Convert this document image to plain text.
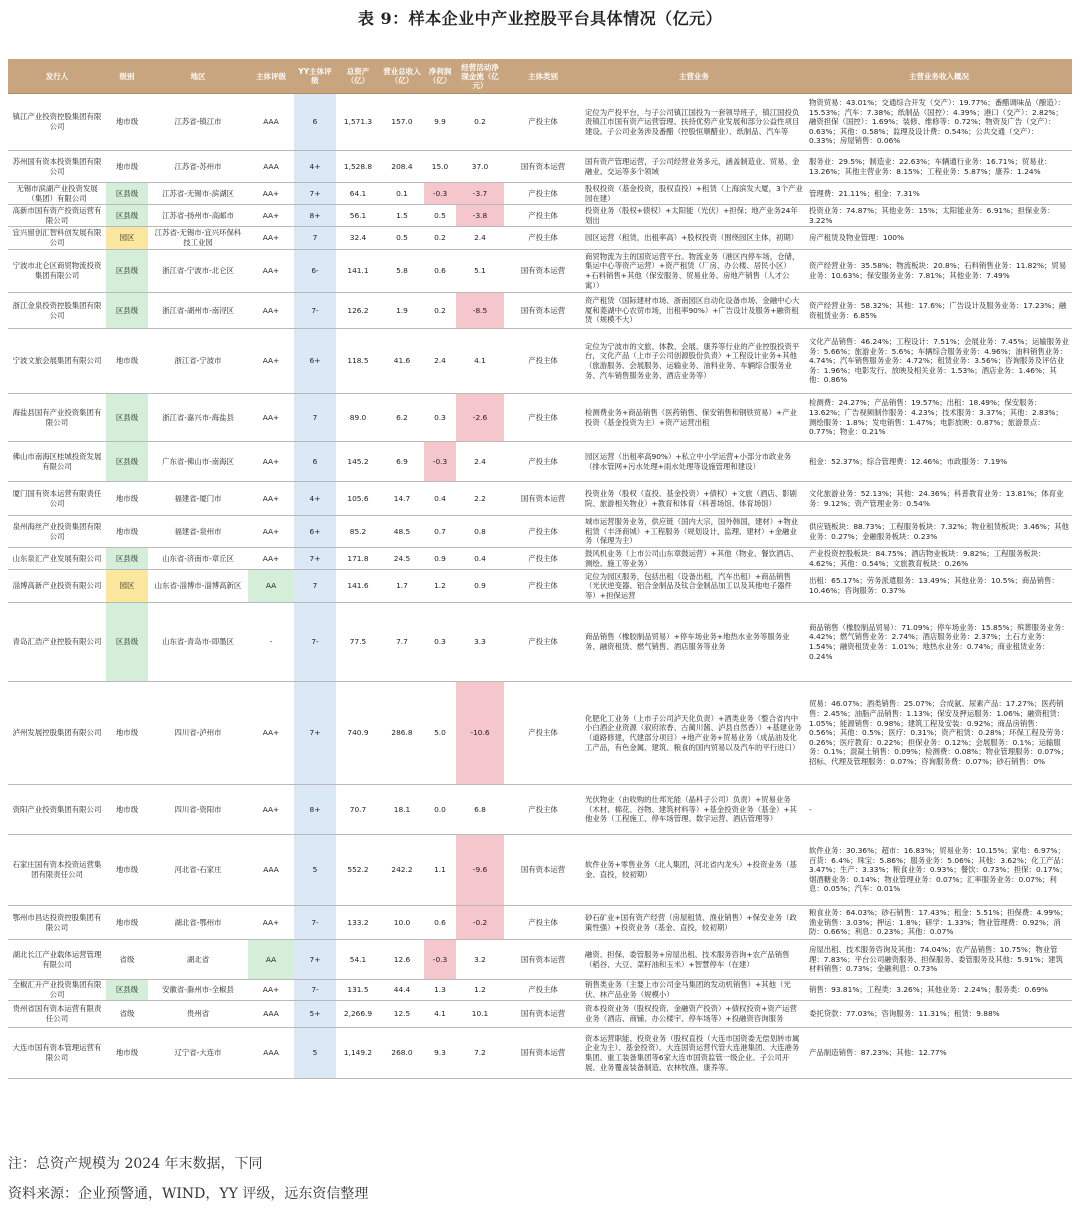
表 9：样本企业中产业控股平台具体情况（亿元）
发行人	级别	地区	主体评级	YY主体评级	总资产（亿）	营业总收入（亿）	净利润（亿）	经营活动净现金流（亿元）	主体类别	主营业务	主营业务收入概况
镇江产业投资控股集团有限公司	地市级	江苏省-镇江市	AAA	6	1,571.3	157.0	9.9	0.2	产投主体	定位为产投平台，与子公司镇江国投为一套领导班子，镇江国投负责镇江市国有资产运营管理、扶持优势产业发展和部分公益性项目建设。子公司业务涉及番醋（控股恒顺醋业）、纸制品、汽车等	物资贸易：43.01%；交通综合开发（交产）：19.77%；番醋调味品（酿造）：15.53%；汽车：7.38%；纸制品（国控）：4.39%；港口（交产）：2.82%；融资担保（国控）：1.69%；装修、维修等：0.72%；物资及广告（交产）：0.63%；其他：0.58%；监理及设计费：0.54%；公共交通（交产）：0.33%；房屋销售：0.06%
苏州国有资本投资集团有限公司	地市级	江苏省-苏州市	AAA	4+	1,528.8	208.4	15.0	37.0	国有资本运营	国有资产管理运营，子公司经营业务多元，涵盖制造业、贸易、金融业、交运等多个领域	服务业：29.5%；制造业：22.63%；车辆通行业务：16.71%；贸易业：13.26%；其他主营业务：8.15%；工程业务：5.87%；康养：1.24%
无锡市滨湖产业投资发展（集团）有限公司	区县级	江苏省-无锡市-滨湖区	AA+	7+	64.1	0.1	-0.3	-3.7	产投主体	股权投资（基金投资，股权直投）+租赁（上海滨发大厦，3个产业园在建）	管理费：21.11%；租金：7.31%
高新市国有资产投资运营有限公司	区县级	江苏省-扬州市-高邮市	AA+	8+	56.1	1.5	0.5	-3.8	产投主体	投资业务（股权+债权）+太阳能（光伏）+担保；地产业务24年划出	投资业务：74.87%；其他业务：15%；太阳能业务：6.91%；担保业务：3.22%
宜兴留创汇智科创发展有限公司	园区	江苏省-无锡市-宜兴环保科技工业园	AA+	7	32.4	0.5	0.2	2.4	产投主体	园区运营（租赁，出租率高）+股权投资（围绕园区主体，初期）	房产租赁及物业管理：100%
宁波市北仑区商贸物流投资集团有限公司	区县级	浙江省-宁波市-北仑区	AA+	6-	141.1	5.8	0.6	5.1	国有资本运营	商贸物流为主的国资运营平台。物流业务（港区内停车场，仓储，集运中心等资产运营）+资产租赁（厂房、办公楼、居民小区）+石料销售+其他（保安服务、贸易业务、房地产销售（人才公寓））	资产经营业务：35.58%；物流板块：20.8%；石料销售业务：11.82%；贸易业务：10.63%；保安服务业务：7.81%；其他业务：7.49%
浙江金泉投资控股集团有限公司	区县级	浙江省-湖州市-南浔区	AA+	7-	126.2	1.9	0.2	-8.5	国有资本运营	资产租赁（国际建材市场、浙南园区自动化设备市场、金融中心大厦和菱湖中心农贸市场，出租率90%）+广告设计及服务+融资租赁（规模不大）	资产经营业务：58.32%；其他：17.6%；广告设计及服务业务：17.23%；融资租赁业务：6.85%
宁波文旅会展集团有限公司	地市级	浙江省-宁波市	AA+	6+	118.5	41.6	2.4	4.1	产投主体	定位为宁波市的文旅、体教、会展、康养等行业的产业控股投资平台，文化产品（上市子公司创源股份负责）+工程设计业务+其他（旅游服务、会展服务、运输业务、油料业务、车辆综合服务业务、汽车销售服务业务、酒店业务等）	文化产品销售：46.24%；工程设计：7.51%；会展业务：7.45%；运输服务业务：5.66%；旅游业务：5.6%；车辆综合服务业务：4.96%；油料销售业务：4.74%；汽车销售服务业务：4.72%；租赁业务：3.56%；咨询服务及评估业务：1.96%；电影发行、放映及相关业务：1.53%；酒店业务：1.46%；其他：0.86%
海盐县国有产业投资集团有限公司	区县级	浙江省-嘉兴市-海盐县	AA+	7	89.0	6.2	0.3	-2.6	产投主体	检测费业务+商品销售（医药销售、保安销售和钢铁贸易）+产业投资（基金投资为主）+资产运营出租	检测费：24.27%；产品销售：19.57%；出租：18.49%；保安服务：13.62%；广告视频制作服务：4.23%；技术服务：3.37%；其他：2.83%；测绘服务：1.8%；发电销售：1.47%；电影放映：0.87%；旅游景点：0.77%；物业：0.21%
佛山市南海区桂城投资发展有限公司	区县级	广东省-佛山市-南海区	AA+	6	145.2	6.9	-0.3	2.4	产投主体	园区运营（出租率高90%）+私立中小学运营+小部分市政业务（排水管网+污水处理+雨水处理等设施管理和建设）	租金：52.37%；综合管理费：12.46%；市政服务：7.19%
厦门国有资本运营有限责任公司	地市级	福建省-厦门市	AA+	4+	105.6	14.7	0.4	2.2	国有资本运营	投资业务（股权（直投、基金投资）+债权）+文旅（酒店、影剧院、旅游相关物业）+教育和体育（科普场馆、体育场馆）	文化旅游业务：52.13%；其他：24.36%；科普教育业务：13.81%；体育业务：9.12%；资产管理业务：0.54%
泉州海丝产业投资集团有限公司	地市级	福建省-泉州市	AA+	6+	85.2	48.5	0.7	0.8	产投主体	城市运营服务业务，供应链（国内大宗，国外韩国，建材）+物业租赁（丰泽商城）+工程服务（规划设计、监理、建材）+金融业务（保理为主）	供应链板块：88.73%；工程服务板块：7.32%；物业租赁板块：3.46%；其他业务：0.27%；金融服务板块：0.23%
山东泉汇产业发展有限公司	区县级	山东省-济南市-章丘区	AA+	7+	171.8	24.5	0.9	0.4	产投主体	鼓风机业务（上市公司山东章鼓运营）+其他（物业、餐饮酒店、测绘、施工等业务）	产业投资控股板块：84.75%；酒店物业板块：9.82%；工程服务板块：4.62%；其他：0.54%；文旅教育板块：0.26%
淄博高新产业投资有限公司	园区	山东省-淄博市-淄博高新区	AA	7	141.6	1.7	1.2	0.9	产投主体	定位为园区服务，包括出租（设备出租，汽车出租）+商品销售（光伏逆变器、铝合金制品及钛合金制品加工以及其他电子器件等）+担保运营	出租：65.17%；劳务派遣服务：13.49%；其他业务：10.5%；商品销售：10.46%；咨询服务：0.37%
青岛汇浩产业控股有限公司	区县级	山东省-青岛市-即墨区	-	7-	77.5	7.7	0.3	3.3	产投主体	商品销售（橡胶制品贸易）+停车场业务+地热水业务等服务业务、融资租赁、燃气销售、酒店服务等业务	商品销售（橡胶制品贸易）：71.09%；停车场业务：15.85%；殡葬服务业务：4.42%；燃气销售业务：2.74%；酒店服务业务：2.37%；土石方业务：1.54%；融资租赁业务：1.01%；地热水业务：0.74%；商业租赁业务：0.24%
泸州发展控股集团有限公司	地市级	四川省-泸州市	AA+	7+	740.9	286.8	5.0	-10.6	产投主体	化肥化工业务（上市子公司泸天化负责）+酒类业务（整合省内中小白酒企业资源（叙府浓香、古蔺川酱、泸县自然香））+基建业务（道路修建，代建部分项目）+地产业务+贸易业务（成品油及化工产品，有色金属、建筑、粮食的国内贸易以及汽车的平行进口）	贸易：46.07%；酒类销售：25.07%；合成氨、尿素产品：17.27%；医药销售：2.45%；油脂产品销售：1.13%；保安及押运服务：1.06%；融资租赁：1.05%；能源销售：0.98%；建筑工程及安装：0.92%；商品房销售：0.56%；其他：0.5%；医疗：0.31%；资产租赁：0.28%；环保工程及劳务：0.26%；医疗教育：0.22%；担保业务：0.12%；会展服务：0.1%；运输服务：0.1%；混凝土销售：0.09%；检测费：0.08%；物业管理服务：0.07%；招标、代理及管理服务：0.07%；咨询服务费：0.07%；砂石销售：0%
资阳产业投资集团有限公司	地市级	四川省-资阳市	AA+	8+	70.7	18.1	0.0	6.8	产投主体	光伏物业（由收购的仕邦光能（晶科子公司）负责）+贸易业务（木材、棉花、谷物、建筑材料等）+基金投资业务（基金）+其他业务（工程施工、停车场管理、数字运营、酒店管理等）	-
石家庄国有资本投资运营集团有限责任公司	地市级	河北省-石家庄	AAA	5	552.2	242.2	1.1	-9.6	国有资本运营	软件业务+零售业务（北人集团，河北省内龙头）+投资业务（基金、直投，较初期）	软件业务：30.36%；超市：16.83%；贸易业务：10.15%；家电：6.97%；百货：6.4%；珠宝：5.86%；服务业务：5.06%；其他：3.62%；化工产品：3.47%；生产：3.33%；粮食业务：0.93%；餐饮：0.73%；担保：0.17%；烟酒糖业务：0.14%；物业管理业务：0.07%；汇率服务业务：0.07%；利息：0.05%；汽车：0.01%
鄂州市昌达投资控股集团有限公司	地市级	湖北省-鄂州市	AA+	7-	133.2	10.0	0.6	-0.2	产投主体	砂石矿业+国有资产经营（房屋租赁、渔业销售）+保安业务（政策性强）+投资业务（基金、直投，较初期）	粮食业务：64.03%；砂石销售：17.43%；租金：5.51%；担保费：4.99%；渔业销售：3.03%；押运：1.8%；研学：1.33%；物业管理费：0.92%；消防：0.66%；利息：0.23%；其他：0.07%
湖北长江产业载体运营管理有限公司	省级	湖北省	AA	7+	54.1	12.6	-0.3	3.2	国有资本运营	融资、担保、委管服务+房屋出租、技术服务咨询+农产品销售（稻谷、大豆、菜籽油和玉米）+智慧停车（在建）	房屋出租、技术服务咨询及其他：74.04%；农产品销售：10.75%；物业管理：7.83%；平台公司融资服务、担保服务、委管服务及其他：5.91%；建筑材料销售：0.73%；金融利息：0.73%
全椒汇升产业投资集团有限公司	区县级	安徽省-滁州市-全椒县	AA+	7-	131.5	44.4	1.3	1.2	产投主体	销售类业务（主要上市公司金马集团的发动机销售）+其他（光伏、林产品业务（规模小）	销售：93.81%；工程类：3.26%；其他业务：2.24%；服务类：0.69%
贵州省国有资本运营有限责任公司	省级	贵州省	AAA	5+	2,266.9	12.5	4.1	10.1	国有资本运营	资本投资业务（股权投资、金融资产投资）+债权投资+资产运营业务（酒店、商铺、办公楼宇、停车场等）+投融资咨询服务	委托贷款：77.03%；咨询服务：11.31%；租赁：9.88%
大连市国有资本管理运营有限公司	地市级	辽宁省-大连市	AAA	5	1,149.2	268.0	9.3	7.2	国有资本运营	资本运营职能、投资业务（股权直投（大连市国资委无偿划转市属企业为主）、基金投资）。大连国资运营代管大连港集团、大连港务集团、重工装备集团等6家大连市国资监管一级企业。子公司开展、业务覆盖装备制造、农林牧渔、康养等。	产品制造销售：87.23%；其他：12.77%
注：总资产规模为 2024 年末数据，下同
资料来源：企业预警通，WIND，YY 评级，远东资信整理
